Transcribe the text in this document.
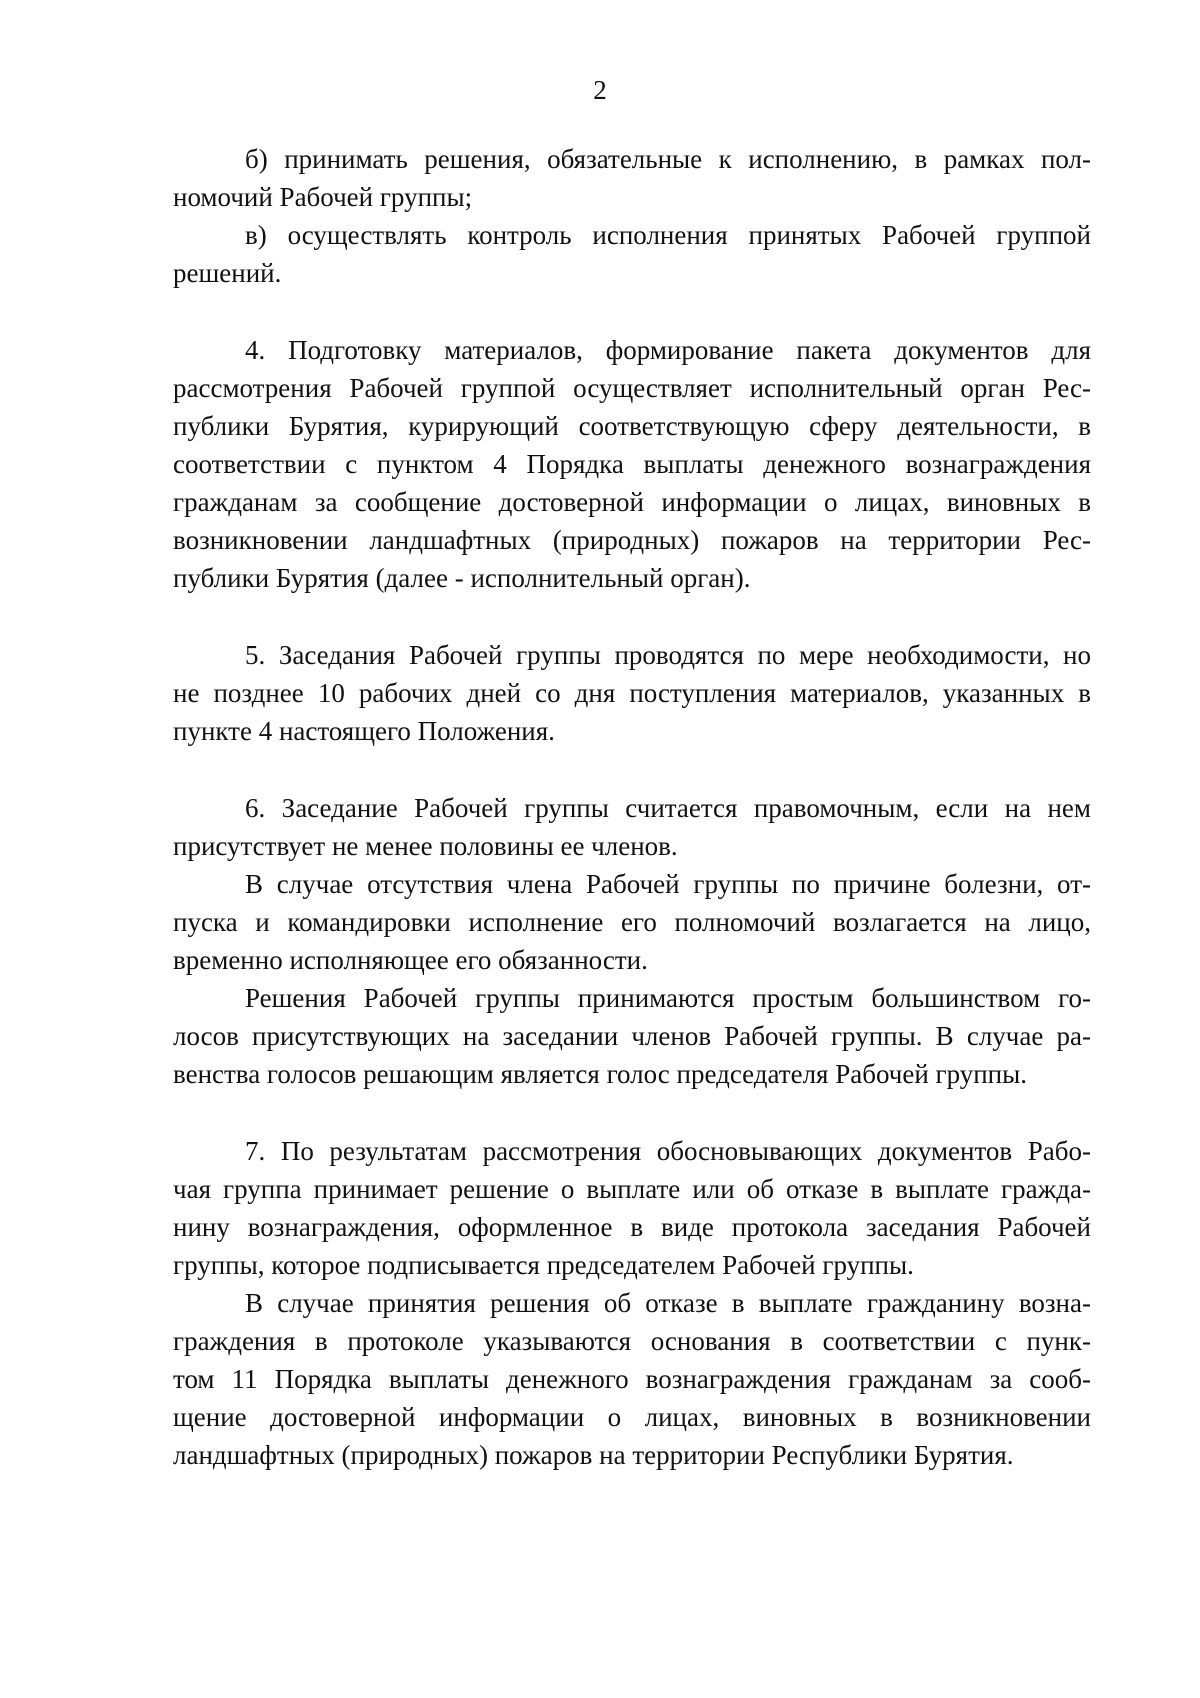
2
б) принимать решения, обязательные к исполнению, в рамках пол-
номочий Рабочей группы;
в) осуществлять контроль исполнения принятых Рабочей группой
решений.
4. Подготовку материалов, формирование пакета документов для
рассмотрения Рабочей группой осуществляет исполнительный орган Рес-
публики Бурятия, курирующий соответствующую сферу деятельности, в
соответствии с пунктом 4 Порядка выплаты денежного вознаграждения
гражданам за сообщение достоверной информации о лицах, виновных в
возникновении ландшафтных (природных) пожаров на территории Рес-
публики Бурятия (далее - исполнительный орган).
5. Заседания Рабочей группы проводятся по мере необходимости, но
не позднее 10 рабочих дней со дня поступления материалов, указанных в
пункте 4 настоящего Положения.
6. Заседание Рабочей группы считается правомочным, если на нем
присутствует не менее половины ее членов.
В случае отсутствия члена Рабочей группы по причине болезни, от-
пуска и командировки исполнение его полномочий возлагается на лицо,
временно исполняющее его обязанности.
Решения Рабочей группы принимаются простым большинством го-
лосов присутствующих на заседании членов Рабочей группы. В случае ра-
венства голосов решающим является голос председателя Рабочей группы.
7. По результатам рассмотрения обосновывающих документов Рабо-
чая группа принимает решение о выплате или об отказе в выплате гражда-
нину вознаграждения, оформленное в виде протокола заседания Рабочей
группы, которое подписывается председателем Рабочей группы.
В случае принятия решения об отказе в выплате гражданину возна-
граждения в протоколе указываются основания в соответствии с пунк-
том 11 Порядка выплаты денежного вознаграждения гражданам за сооб-
щение достоверной информации о лицах, виновных в возникновении
ландшафтных (природных) пожаров на территории Республики Бурятия.
